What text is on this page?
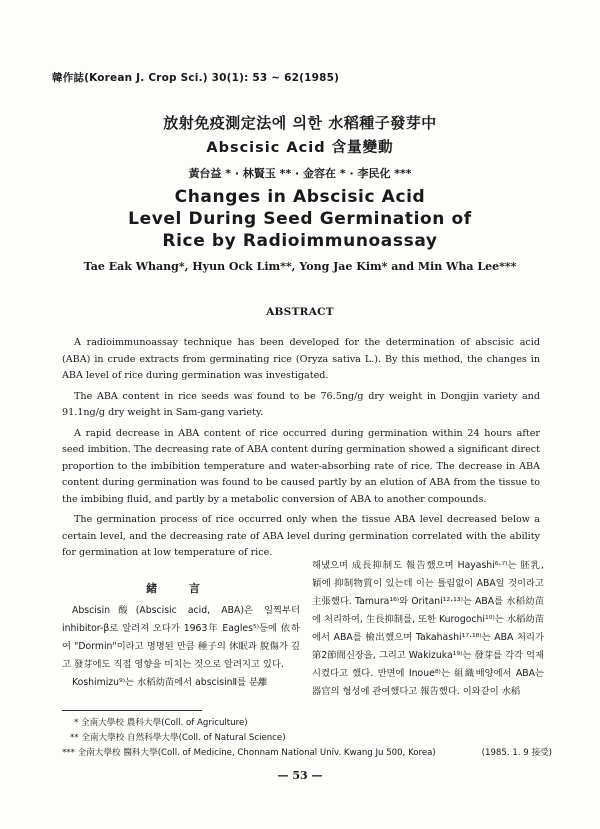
韓作誌(Korean J. Crop Sci.) 30(1): 53 ~ 62(1985)
放射免疫測定法에 의한 水稻種子發芽中
Abscisic Acid 含量變動
黃台益 * · 林賢玉 ** · 金容在 * · 李民化 ***
Changes in Abscisic Acid
Level During Seed Germination of
Rice by Radioimmunoassay
Tae Eak Whang*, Hyun Ock Lim**, Yong Jae Kim* and Min Wha Lee***
ABSTRACT

A radioimmunoassay technique has been developed for the determination of abscisic acid (ABA) in crude extracts from germinating rice (Oryza sativa L.). By this method, the changes in ABA level of rice during germination was investigated.

The ABA content in rice seeds was found to be 76.5ng/g dry weight in Dongjin variety and 91.1ng/g dry weight in Sam-gang variety.

A rapid decrease in ABA content of rice occurred during germination within 24 hours after seed imbition. The decreasing rate of ABA content during germination showed a significant direct proportion to the imbibition temperature and water-absorbing rate of rice. The decrease in ABA content during germination was found to be caused partly by an elution of ABA from the tissue to the imbibing fluid, and partly by a metabolic conversion of ABA to another compounds.

The germination process of rice occurred only when the tissue ABA level decreased below a certain level, and the decreasing rate of ABA level during germination correlated with the ability for germination at low temperature of rice.

緒 言

Abscisin酸(Abscisic acid, ABA)은 일찍부터 inhibitor-β로 알려져 오다가 1963年 Eagles⁵⁾등에 依하여 "Dormin"이라고 명명된 만큼 種子의 休眠과 脫傷가 깊고 發芽에도 직접 영향을 미치는 것으로 알려지고 있다.

Koshimizu⁹⁾는 水稻幼苗에서 abscisinⅡ를 분離

해냈으며 成長抑制도 報告했으며 Hayashi⁶·⁷⁾는 胚乳, 穎에 抑制物質이 있는데 이는 틀림없이 ABA일 것이라고 主張했다. Tamura¹⁶⁾와 Oritani¹²·¹³⁾는 ABA를 水稻幼苗에 처리하여, 生長抑制를, 또한 Kurogochi¹⁰⁾는 水稻幼苗에서 ABA를 檢出했으며 Takahashi¹⁷·¹⁸⁾는 ABA 처리가 第2節間신장을, 그리고 Wakizuka¹⁹⁾는 發芽를 각각 억제시켰다고 했다. 반면에 Inoue⁸⁾는 組織배양에서 ABA는 器官의 형성에 관여했다고 報告했다. 이와같이 水稻

* 全南大學校 農科大學(Coll. of Agriculture)
** 全南大學校 自然科學大學(Coll. of Natural Science)
*** 全南大學校 醫科大學(Coll. of Medicine, Chonnam National Univ. Kwang Ju 500, Korea)	(1985. 1. 9 接受)
— 53 —
